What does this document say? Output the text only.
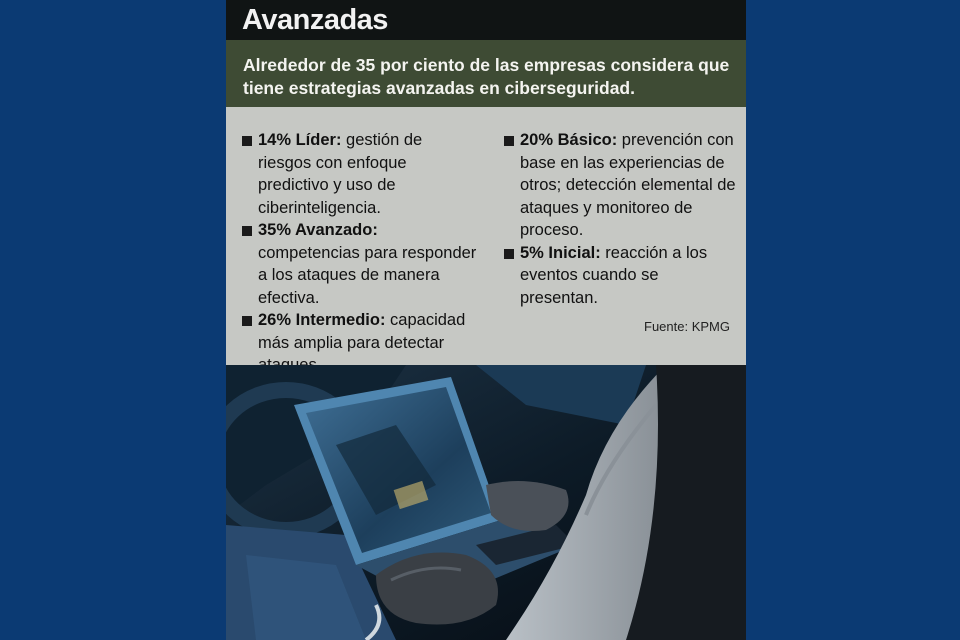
Avanzadas
Alrededor de 35 por ciento de las empresas considera que tiene estrategias avanzadas en ciberseguridad.
14% Líder: gestión de riesgos con enfoque predictivo y uso de ciberinteligencia.
35% Avanzado: competencias para responder a los ataques de manera efectiva.
26% Intermedio: capacidad más amplia para detectar
20% Básico: prevención con base en las experiencias de otros; detección elemental de ataques y monitoreo de proceso.
5% Inicial: reacción a los eventos cuando se presentan.
Fuente: KPMG
